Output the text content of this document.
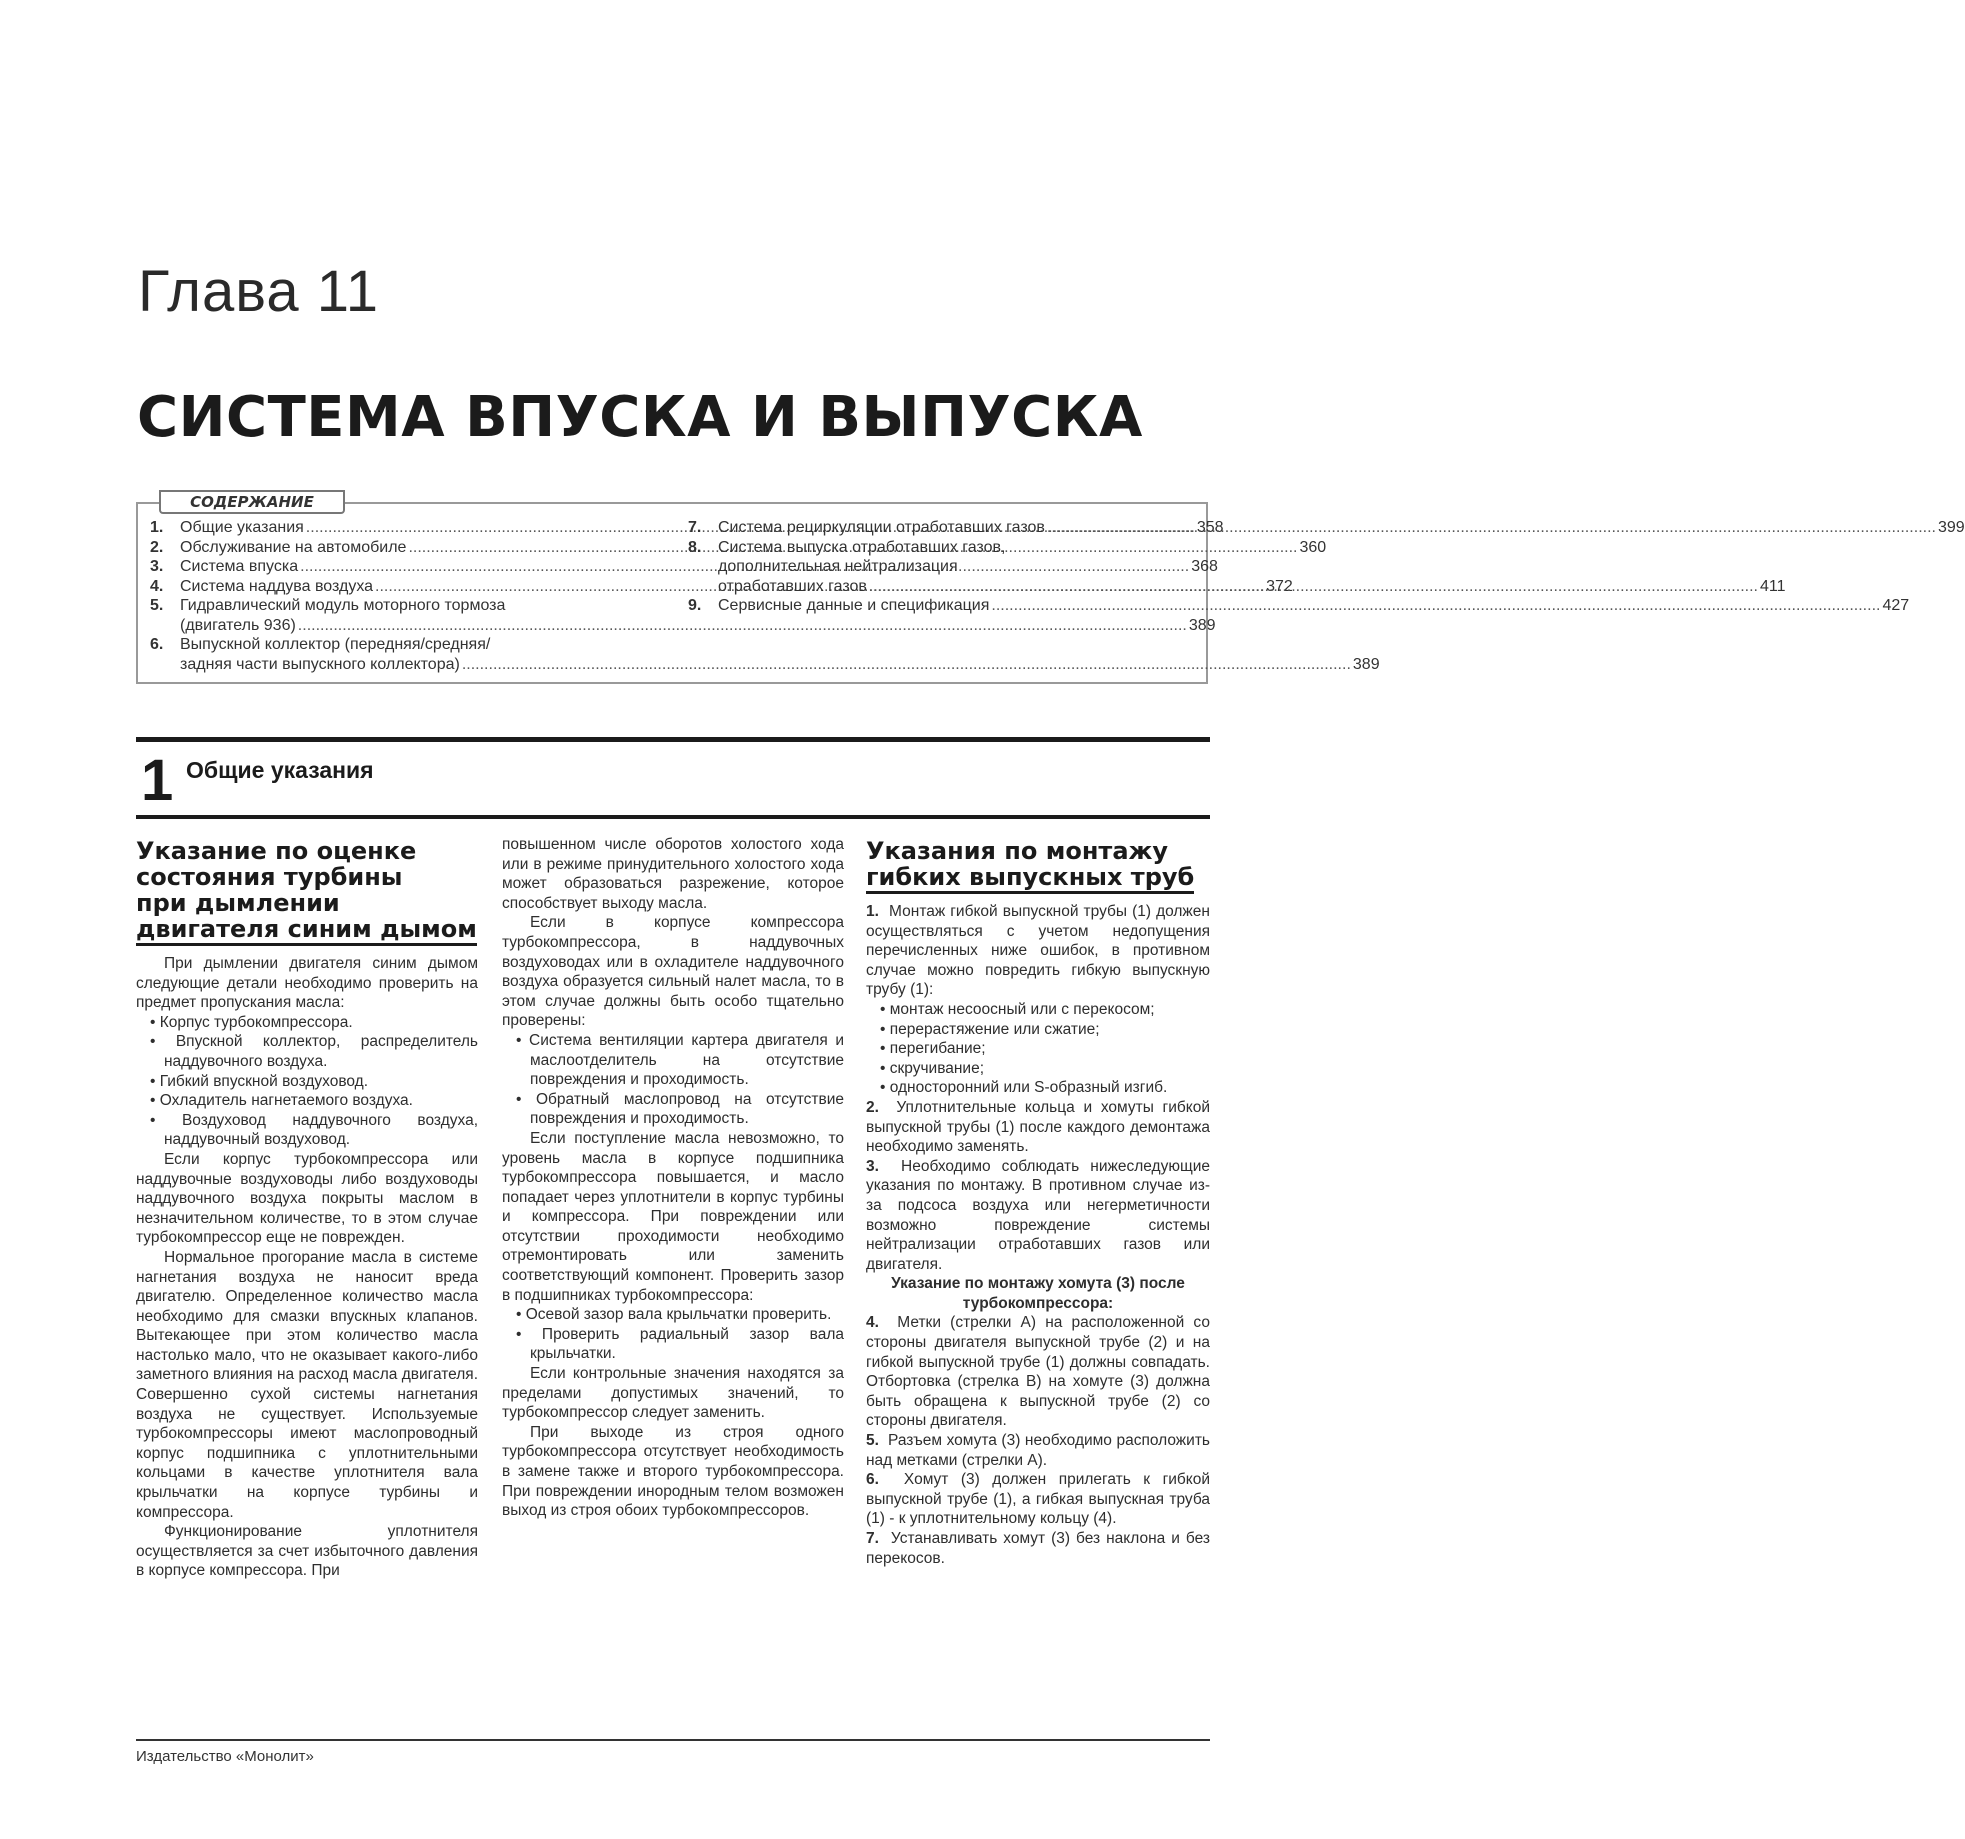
Глава 11
СИСТЕМА ВПУСКА И ВЫПУСКА
СОДЕРЖАНИЕ
1.	Общие указания .....	358
2.	Обслуживание на автомобиле .....	360
3.	Система впуска .....	368
4.	Система наддува воздуха .....	372
5.	Гидравлический модуль моторного тормоза
(двигатель 936) .....	389
6.	Выпускной коллектор (передняя/средняя/
задняя части выпускного коллектора) .....	389
7.	Система рециркуляции отработавших газов .....	399
8.	Система выпуска отработавших газов,
дополнительная нейтрализация
отработавших газов .....	411
9.	Сервисные данные и спецификация .....	427
1 Общие указания
Указание по оценке
состояния турбины
при дымлении
двигателя синим дымом

При дымлении двигателя синим дымом следующие детали необходимо проверить на предмет пропускания масла:

• Корпус турбокомпрессора.

• Впускной коллектор, распределитель наддувочного воздуха.

• Гибкий впускной воздуховод.

• Охладитель нагнетаемого воздуха.

• Воздуховод наддувочного воздуха, наддувочный воздуховод.

Если корпус турбокомпрессора или наддувочные воздуховоды либо воздуховоды наддувочного воздуха покрыты маслом в незначительном количестве, то в этом случае турбокомпрессор еще не поврежден.

Нормальное прогорание масла в системе нагнетания воздуха не наносит вреда двигателю. Определенное количество масла необходимо для смазки впускных клапанов. Вытекающее при этом количество масла настолько мало, что не оказывает какого-либо заметного влияния на расход масла двигателя. Совершенно сухой системы нагнетания воздуха не существует. Используемые турбокомпрессоры имеют маслопроводный корпус подшипника с уплотнительными кольцами в качестве уплотнителя вала крыльчатки на корпусе турбины и компрессора.

Функционирование уплотнителя осуществляется за счет избыточного давления в корпусе компрессора. При

повышенном числе оборотов холостого хода или в режиме принудительного холостого хода может образоваться разрежение, которое способствует выходу масла.

Если в корпусе компрессора турбокомпрессора, в наддувочных воздуховодах или в охладителе наддувочного воздуха образуется сильный налет масла, то в этом случае должны быть особо тщательно проверены:

• Система вентиляции картера двигателя и маслоотделитель на отсутствие повреждения и проходимость.

• Обратный маслопровод на отсутствие повреждения и проходимость.

Если поступление масла невозможно, то уровень масла в корпусе подшипника турбокомпрессора повышается, и масло попадает через уплотнители в корпус турбины и компрессора. При повреждении или отсутствии проходимости необходимо отремонтировать или заменить соответствующий компонент. Проверить зазор в подшипниках турбокомпрессора:

• Осевой зазор вала крыльчатки проверить.

• Проверить радиальный зазор вала крыльчатки.

Если контрольные значения находятся за пределами допустимых значений, то турбокомпрессор следует заменить.

При выходе из строя одного турбокомпрессора отсутствует необходимость в замене также и второго турбокомпрессора. При повреждении инородным телом возможен выход из строя обоих турбокомпрессоров.

Указания по монтажу
гибких выпускных труб

1. Монтаж гибкой выпускной трубы (1) должен осуществляться с учетом недопущения перечисленных ниже ошибок, в противном случае можно повредить гибкую выпускную трубу (1):

• монтаж несоосный или с перекосом;

• перерастяжение или сжатие;

• перегибание;

• скручивание;

• односторонний или S-образный изгиб.

2. Уплотнительные кольца и хомуты гибкой выпускной трубы (1) после каждого демонтажа необходимо заменять.

3. Необходимо соблюдать нижеследующие указания по монтажу. В противном случае из-за подсоса воздуха или негерметичности возможно повреждение системы нейтрализации отработавших газов или двигателя.

Указание по монтажу хомута (3) после турбокомпрессора:

4. Метки (стрелки А) на расположенной со стороны двигателя выпускной трубе (2) и на гибкой выпускной трубе (1) должны совпадать. Отбортовка (стрелка В) на хомуте (3) должна быть обращена к выпускной трубе (2) со стороны двигателя.

5. Разъем хомута (3) необходимо расположить над метками (стрелки А).

6. Хомут (3) должен прилегать к гибкой выпускной трубе (1), а гибкая выпускная труба (1) - к уплотнительному кольцу (4).

7. Устанавливать хомут (3) без наклона и без перекосов.

Издательство «Монолит»
